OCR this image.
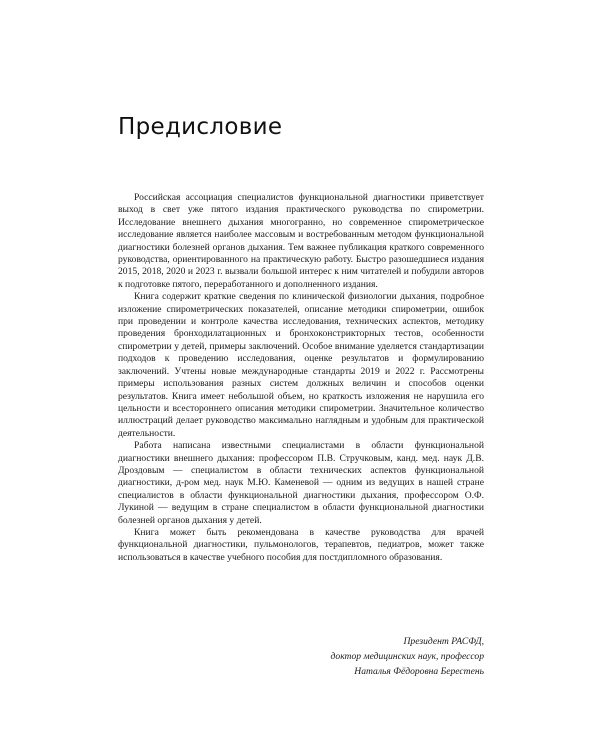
Предисловие

Российская ассоциация специалистов функциональной диагностики приветствует выход в свет уже пятого издания практического руководства по спирометрии. Исследование внешнего дыхания многогранно, но современное спирометрическое исследование является наиболее массовым и востребованным методом функциональной диагностики болезней органов дыхания. Тем важнее публикация краткого современного руководства, ориентированного на практическую работу. Быстро разошедшиеся издания 2015, 2018, 2020 и 2023 г. вызвали большой интерес к ним читателей и побудили авторов к подготовке пятого, переработанного и дополненного издания.

Книга содержит краткие сведения по клинической физиологии дыхания, подробное изложение спирометрических показателей, описание методики спирометрии, ошибок при проведении и контроле качества исследования, технических аспектов, методику проведения бронходилатационных и бронхоконстрикторных тестов, особенности спирометрии у детей, примеры заключений. Особое внимание уделяется стандартизации подходов к проведению исследования, оценке результатов и формулированию заключений. Учтены новые международные стандарты 2019 и 2022 г. Рассмотрены примеры использования разных систем должных величин и способов оценки результатов. Книга имеет небольшой объем, но краткость изложения не нарушила его цельности и всестороннего описания методики спирометрии. Значительное количество иллюстраций делает руководство максимально наглядным и удобным для практической деятельности.

Работа написана известными специалистами в области функциональной диагностики внешнего дыхания: профессором П.В. Стручковым, канд. мед. наук Д.В. Дроздовым — специалистом в области технических аспектов функциональной диагностики, д-ром мед. наук М.Ю. Каменевой — одним из ведущих в нашей стране специалистов в области функциональной диагностики дыхания, профессором О.Ф. Лукиной — ведущим в стране специалистом в области функциональной диагностики болезней органов дыхания у детей.

Книга может быть рекомендована в качестве руководства для врачей функциональной диагностики, пульмонологов, терапевтов, педиатров, может также использоваться в качестве учебного пособия для постдипломного образования.

Президент РАСФД,
доктор медицинских наук, профессор
Наталья Фёдоровна Берестень
